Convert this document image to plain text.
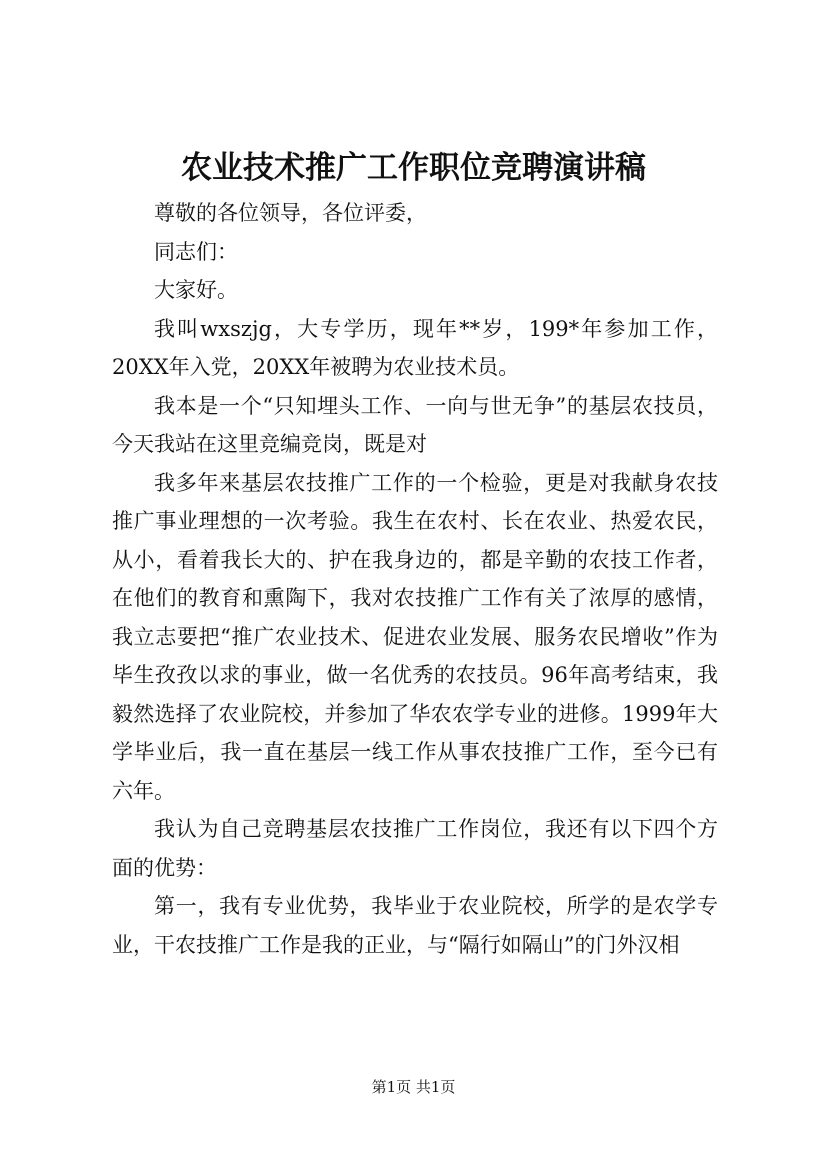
农业技术推广工作职位竞聘演讲稿

尊敬的各位领导，各位评委，

同志们：

大家好。

我叫wxszjg，大专学历，现年**岁，199*年参加工作，20XX年入党，20XX年被聘为农业技术员。

我本是一个“只知埋头工作、一向与世无争”的基层农技员，今天我站在这里竞编竞岗，既是对

我多年来基层农技推广工作的一个检验，更是对我献身农技推广事业理想的一次考验。我生在农村、长在农业、热爱农民，从小，看着我长大的、护在我身边的，都是辛勤的农技工作者，在他们的教育和熏陶下，我对农技推广工作有关了浓厚的感情，我立志要把“推广农业技术、促进农业发展、服务农民增收”作为毕生孜孜以求的事业，做一名优秀的农技员。96年高考结束，我毅然选择了农业院校，并参加了华农农学专业的进修。1999年大学毕业后，我一直在基层一线工作从事农技推广工作，至今已有六年。

我认为自己竞聘基层农技推广工作岗位，我还有以下四个方面的优势：

第一，我有专业优势，我毕业于农业院校，所学的是农学专业，干农技推广工作是我的正业，与“隔行如隔山”的门外汉相

第1页 共1页
